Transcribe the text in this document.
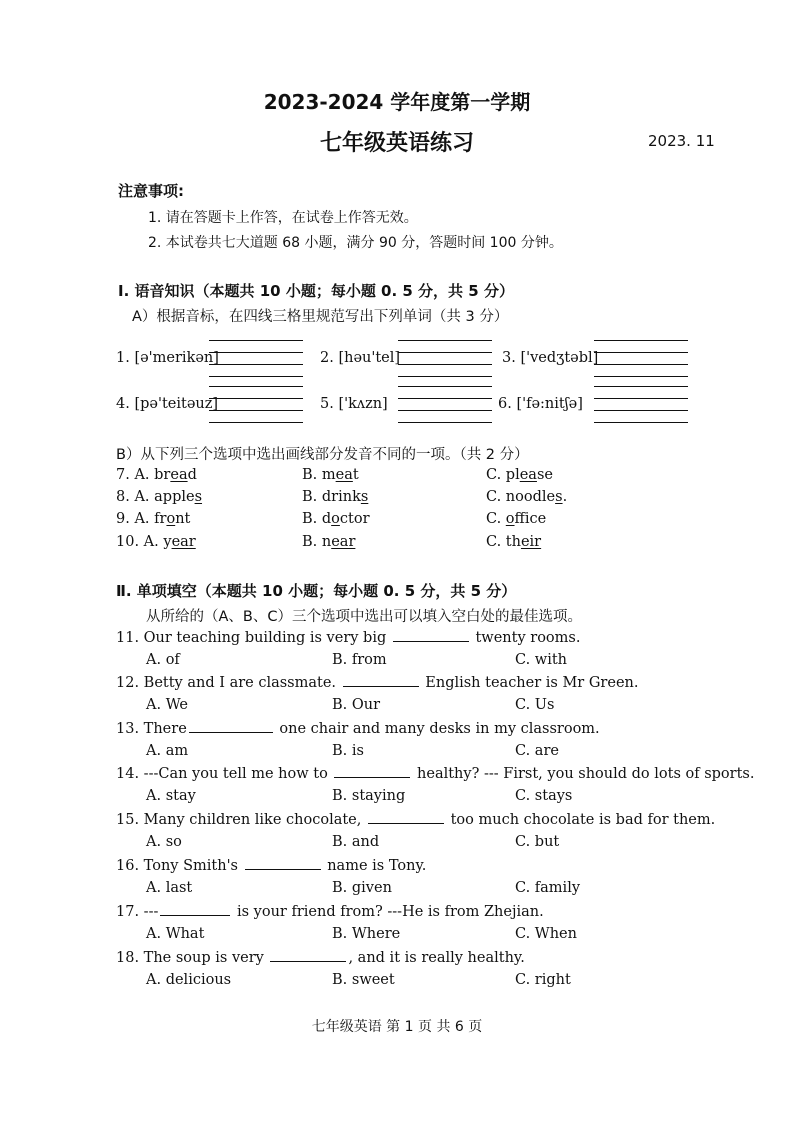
2023-2024 学年度第一学期
七年级英语练习	2023. 11
注意事项:
1. 请在答题卡上作答，在试卷上作答无效。
2. 本试卷共七大道题 68 小题，满分 90 分，答题时间 100 分钟。
Ⅰ. 语音知识（本题共 10 小题；每小题 0. 5 分，共 5 分）
A）根据音标，在四线三格里规范写出下列单词（共 3 分）
1. [ə'merikən]	2. [həu'tel]	3. ['vedʒtəbl]
4. [pə'teitəuz]	5. ['kʌzn]	6. ['fə:nitʃə]
B）从下列三个选项中选出画线部分发音不同的一项。（共 2 分）
7. A. bread	B. meat	C. please
8. A. apples	B. drinks	C. noodles.
9. A. front	B. doctor	C. office
10. A. year	B. near	C. their
Ⅱ. 单项填空（本题共 10 小题；每小题 0. 5 分，共 5 分）
从所给的（A、B、C）三个选项中选出可以填入空白处的最佳选项。
11. Our teaching building is very big	twenty rooms.
A. of	B. from	C. with
12. Betty and I are classmate.	English teacher is Mr Green.
A. We	B. Our	C. Us
13. There	one chair and many desks in my classroom.
A. am	B. is	C. are
14. ---Can you tell me how to	healthy? --- First, you should do lots of sports.
A. stay	B. staying	C. stays
15. Many children like chocolate,	too much chocolate is bad for them.
A. so	B. and	C. but
16. Tony Smith's	name is Tony.
A. last	B. given	C. family
17. ---	is your friend from? ---He is from Zhejian.
A. What	B. Where	C. When
18. The soup is very	, and it is really healthy.
A. delicious	B. sweet	C. right
七年级英语 第 1 页 共 6 页
